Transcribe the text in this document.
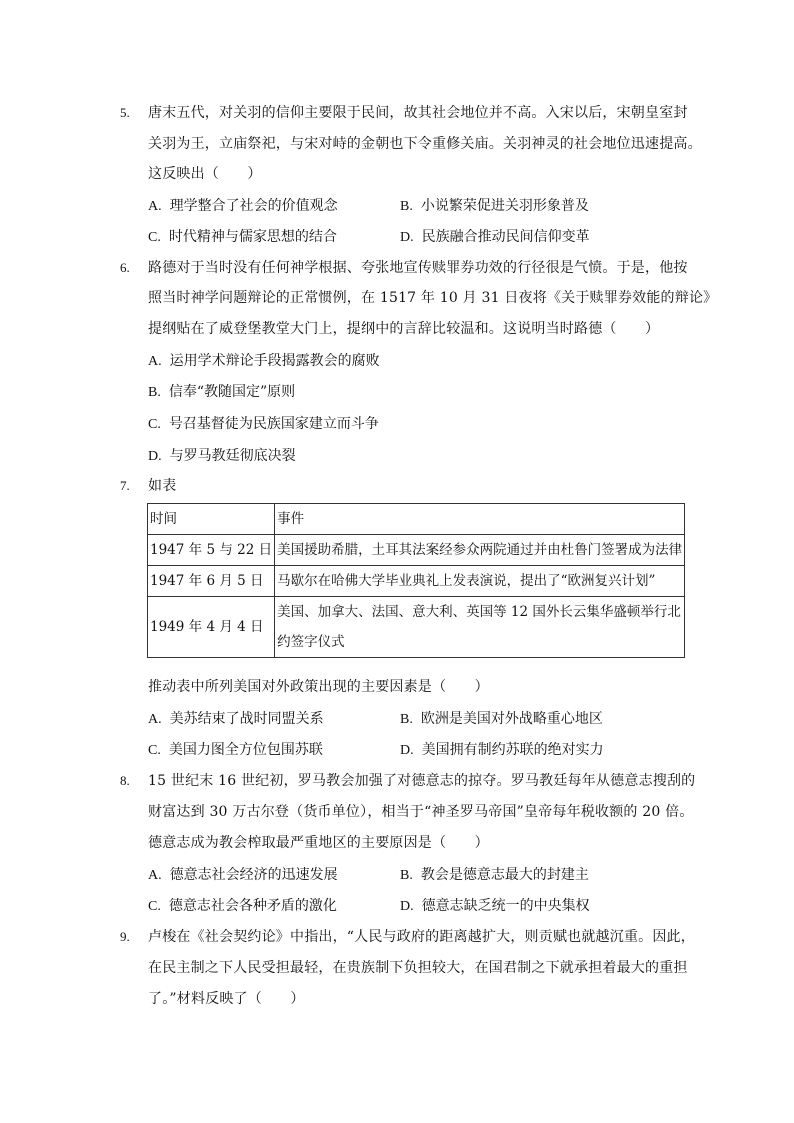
5. 唐末五代，对关羽的信仰主要限于民间，故其社会地位并不高。入宋以后，宋朝皇室封
关羽为王，立庙祭祀，与宋对峙的金朝也下令重修关庙。关羽神灵的社会地位迅速提高。
这反映出（　　）
A. 理学整合了社会的价值观念	B. 小说繁荣促进关羽形象普及
C. 时代精神与儒家思想的结合	D. 民族融合推动民间信仰变革
6. 路德对于当时没有任何神学根据、夸张地宣传赎罪券功效的行径很是气愤。于是，他按
照当时神学问题辩论的正常惯例，在 1517 年 10 月 31 日夜将《关于赎罪券效能的辩论》
提纲贴在了威登堡教堂大门上，提纲中的言辞比较温和。这说明当时路德（　　）
A. 运用学术辩论手段揭露教会的腐败
B. 信奉“教随国定”原则
C. 号召基督徒为民族国家建立而斗争
D. 与罗马教廷彻底决裂
7. 如表
时间	事件
1947 年 5 与 22 日	美国援助希腊，土耳其法案经参众两院通过并由杜鲁门签署成为法律
1947 年 6 月 5 日	马歇尔在哈佛大学毕业典礼上发表演说，提出了“欧洲复兴计划”
1949 年 4 月 4 日	美国、加拿大、法国、意大利、英国等 12 国外长云集华盛顿举行北约签字仪式
推动表中所列美国对外政策出现的主要因素是（　　）
A. 美苏结束了战时同盟关系	B. 欧洲是美国对外战略重心地区
C. 美国力图全方位包围苏联	D. 美国拥有制约苏联的绝对实力
8. 15 世纪末 16 世纪初，罗马教会加强了对德意志的掠夺。罗马教廷每年从德意志搜刮的
财富达到 30 万古尔登（货币单位），相当于“神圣罗马帝国”皇帝每年税收额的 20 倍。
德意志成为教会榨取最严重地区的主要原因是（　　）
A. 德意志社会经济的迅速发展	B. 教会是德意志最大的封建主
C. 德意志社会各种矛盾的激化	D. 德意志缺乏统一的中央集权
9. 卢梭在《社会契约论》中指出，“人民与政府的距离越扩大，则贡赋也就越沉重。因此，
在民主制之下人民受担最轻，在贵族制下负担较大，在国君制之下就承担着最大的重担
了。”材料反映了（　　）
